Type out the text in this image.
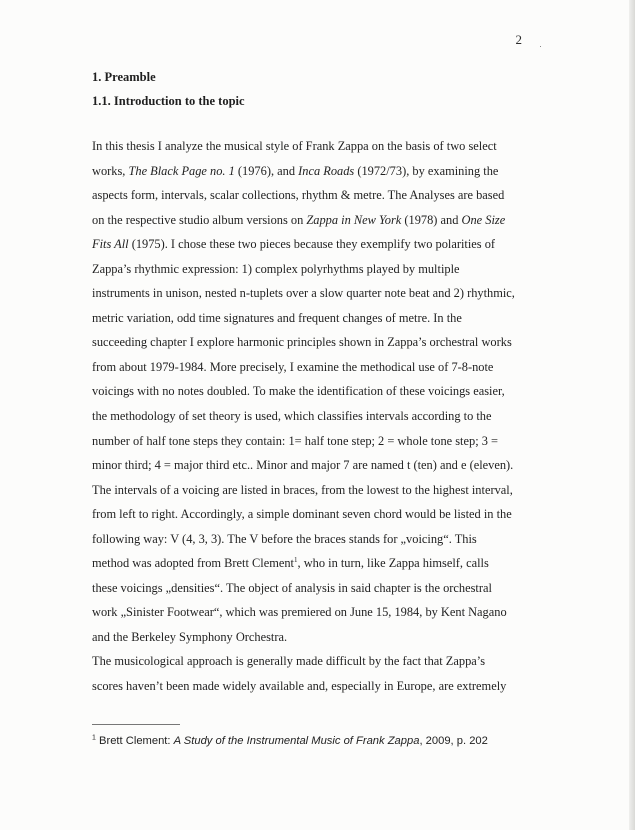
2
1. Preamble
1.1. Introduction to the topic
In this thesis I analyze the musical style of Frank Zappa on the basis of two select
works, The Black Page no. 1 (1976), and Inca Roads (1972/73), by examining the
aspects form, intervals, scalar collections, rhythm & metre. The Analyses are based
on the respective studio album versions on Zappa in New York (1978) and One Size
Fits All (1975). I chose these two pieces because they exemplify two polarities of
Zappa’s rhythmic expression: 1) complex polyrhythms played by multiple
instruments in unison, nested n-tuplets over a slow quarter note beat and 2) rhythmic,
metric variation, odd time signatures and frequent changes of metre. In the
succeeding chapter I explore harmonic principles shown in Zappa’s orchestral works
from about 1979-1984. More precisely, I examine the methodical use of 7-8-note
voicings with no notes doubled. To make the identification of these voicings easier,
the methodology of set theory is used, which classifies intervals according to the
number of half tone steps they contain: 1= half tone step; 2 = whole tone step; 3 =
minor third; 4 = major third etc.. Minor and major 7 are named t (ten) and e (eleven).
The intervals of a voicing are listed in braces, from the lowest to the highest interval,
from left to right. Accordingly, a simple dominant seven chord would be listed in the
following way: V (4, 3, 3). The V before the braces stands for „voicing“. This
method was adopted from Brett Clement$^1$, who in turn, like Zappa himself, calls
these voicings „densities“. The object of analysis in said chapter is the orchestral
work „Sinister Footwear“, which was premiered on June 15, 1984, by Kent Nagano
and the Berkeley Symphony Orchestra.
The musicological approach is generally made difficult by the fact that Zappa’s
scores haven’t been made widely available and, especially in Europe, are extremely
$^1$ Brett Clement: A Study of the Instrumental Music of Frank Zappa, 2009, p. 202
